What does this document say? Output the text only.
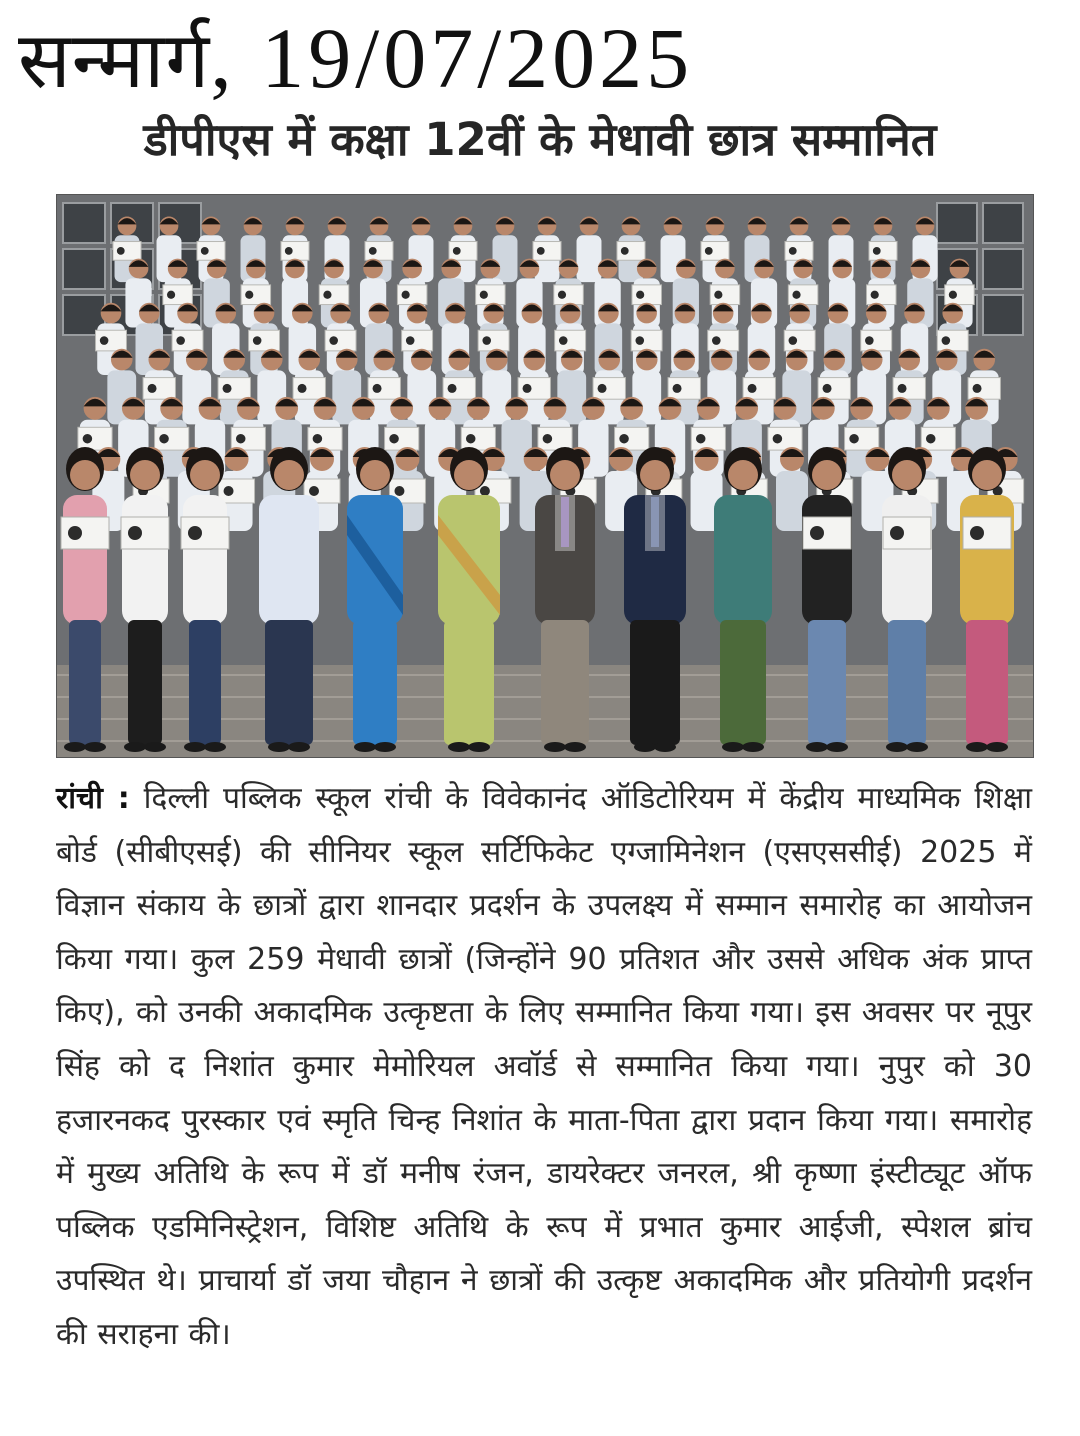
सन्मार्ग, 19/07/2025
डीपीएस में कक्षा 12वीं के मेधावी छात्र सम्मानित

रांची : दिल्ली पब्लिक स्कूल रांची के विवेकानंद ऑडिटोरियम में केंद्रीय माध्यमिक शिक्षा बोर्ड (सीबीएसई) की सीनियर स्कूल सर्टिफिकेट एग्जामिनेशन (एसएससीई) 2025 में विज्ञान संकाय के छात्रों द्वारा शानदार प्रदर्शन के उपलक्ष्य में सम्मान समारोह का आयोजन किया गया। कुल 259 मेधावी छात्रों (जिन्होंने 90 प्रतिशत और उससे अधिक अंक प्राप्त किए), को उनकी अकादमिक उत्कृष्टता के लिए सम्मानित किया गया। इस अवसर पर नूपुर सिंह को द निशांत कुमार मेमोरियल अवॉर्ड से सम्मानित किया गया। नुपुर को 30 हजारनकद पुरस्कार एवं स्मृति चिन्ह निशांत के माता-पिता द्वारा प्रदान किया गया। समारोह में मुख्य अतिथि के रूप में डॉ मनीष रंजन, डायरेक्टर जनरल, श्री कृष्णा इंस्टीट्यूट ऑफ पब्लिक एडमिनिस्ट्रेशन, विशिष्ट अतिथि के रूप में प्रभात कुमार आईजी, स्पेशल ब्रांच उपस्थित थे। प्राचार्या डॉ जया चौहान ने छात्रों की उत्कृष्ट अकादमिक और प्रतियोगी प्रदर्शन की सराहना की।
